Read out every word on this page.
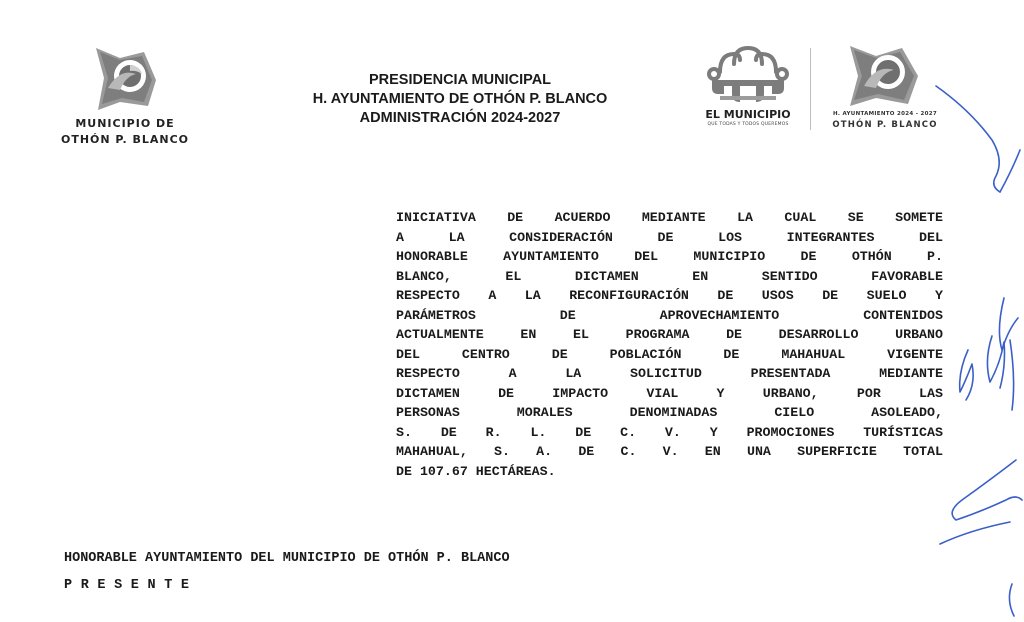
MUNICIPIO DE
OTHÓN P. BLANCO
PRESIDENCIA MUNICIPAL
H. AYUNTAMIENTO DE OTHÓN P. BLANCO
ADMINISTRACIÓN 2024-2027	EL MUNICIPIO
QUE TODAS Y TODOS QUEREMOS
H. AYUNTAMIENTO 2024 - 2027
OTHÓN P. BLANCO
INICIATIVA DE ACUERDO MEDIANTE LA CUAL SE SOMETE
A LA CONSIDERACIÓN DE LOS INTEGRANTES DEL
HONORABLE AYUNTAMIENTO DEL MUNICIPIO DE OTHÓN P.
BLANCO, EL DICTAMEN EN SENTIDO FAVORABLE
RESPECTO A LA RECONFIGURACIÓN DE USOS DE SUELO Y
PARÁMETROS DE APROVECHAMIENTO CONTENIDOS
ACTUALMENTE EN EL PROGRAMA DE DESARROLLO URBANO
DEL CENTRO DE POBLACIÓN DE MAHAHUAL VIGENTE
RESPECTO A LA SOLICITUD PRESENTADA MEDIANTE
DICTAMEN DE IMPACTO VIAL Y URBANO, POR LAS
PERSONAS MORALES DENOMINADAS CIELO ASOLEADO,
S. DE R. L. DE C. V. Y PROMOCIONES TURÍSTICAS
MAHAHUAL, S. A. DE C. V. EN UNA SUPERFICIE TOTAL
DE 107.67 HECTÁREAS.
HONORABLE AYUNTAMIENTO DEL MUNICIPIO DE OTHÓN P. BLANCO
PRESENTE
